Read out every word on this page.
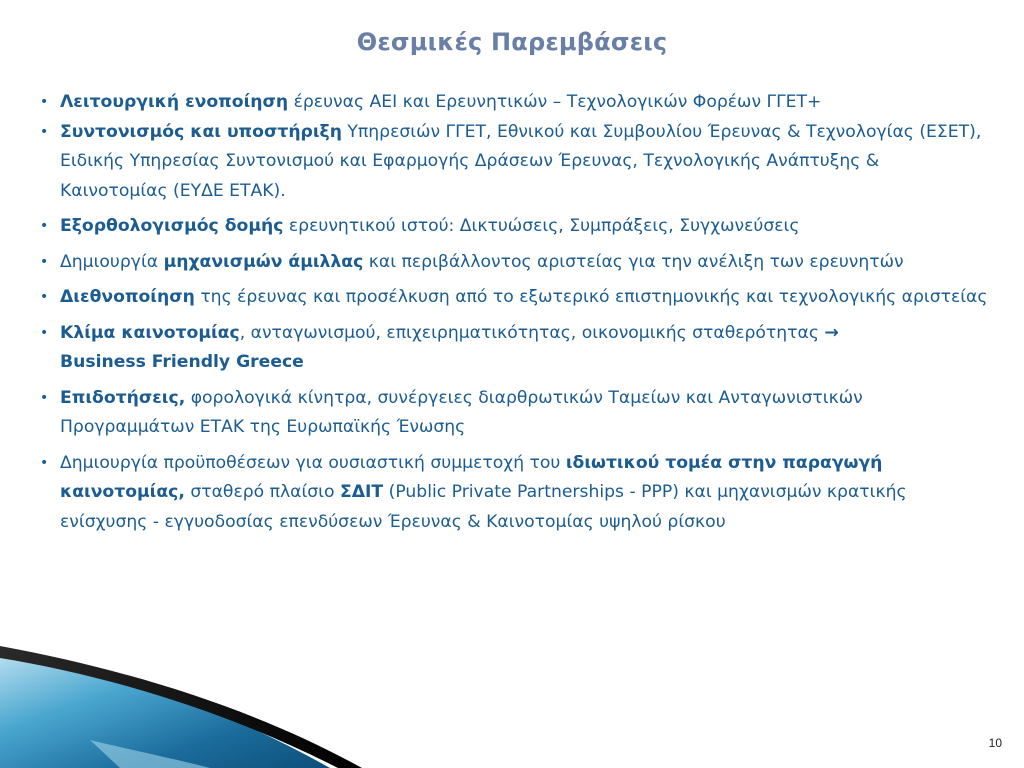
Θεσμικές Παρεμβάσεις
• Λειτουργική ενοποίηση έρευνας ΑΕΙ και Ερευνητικών – Τεχνολογικών Φορέων ΓΓΕΤ+
• Συντονισμός και υποστήριξη Υπηρεσιών ΓΓΕΤ, Εθνικού και Συμβουλίου Έρευνας & Τεχνολογίας (ΕΣΕΤ), Ειδικής Υπηρεσίας Συντονισμού και Εφαρμογής Δράσεων Έρευνας, Τεχνολογικής Ανάπτυξης & Καινοτομίας (ΕΥΔΕ ΕΤΑΚ).
• Εξορθολογισμός δομής ερευνητικού ιστού: Δικτυώσεις, Συμπράξεις, Συγχωνεύσεις
• Δημιουργία μηχανισμών άμιλλας και περιβάλλοντος αριστείας για την ανέλιξη των ερευνητών
• Διεθνοποίηση της έρευνας και προσέλκυση από το εξωτερικό επιστημονικής και τεχνολογικής αριστείας
• Κλίμα καινοτομίας, ανταγωνισμού, επιχειρηματικότητας, οικονομικής σταθερότητας →
Business Friendly Greece
• Επιδοτήσεις, φορολογικά κίνητρα, συνέργειες διαρθρωτικών Ταμείων και Ανταγωνιστικών Προγραμμάτων ΕΤΑΚ της Ευρωπαϊκής Ένωσης
• Δημιουργία προϋποθέσεων για ουσιαστική συμμετοχή του ιδιωτικού τομέα στην παραγωγή καινοτομίας, σταθερό πλαίσιο ΣΔΙΤ (Public Private Partnerships - PPP) και μηχανισμών κρατικής ενίσχυσης - εγγυοδοσίας επενδύσεων Έρευνας & Καινοτομίας υψηλού ρίσκου
10
